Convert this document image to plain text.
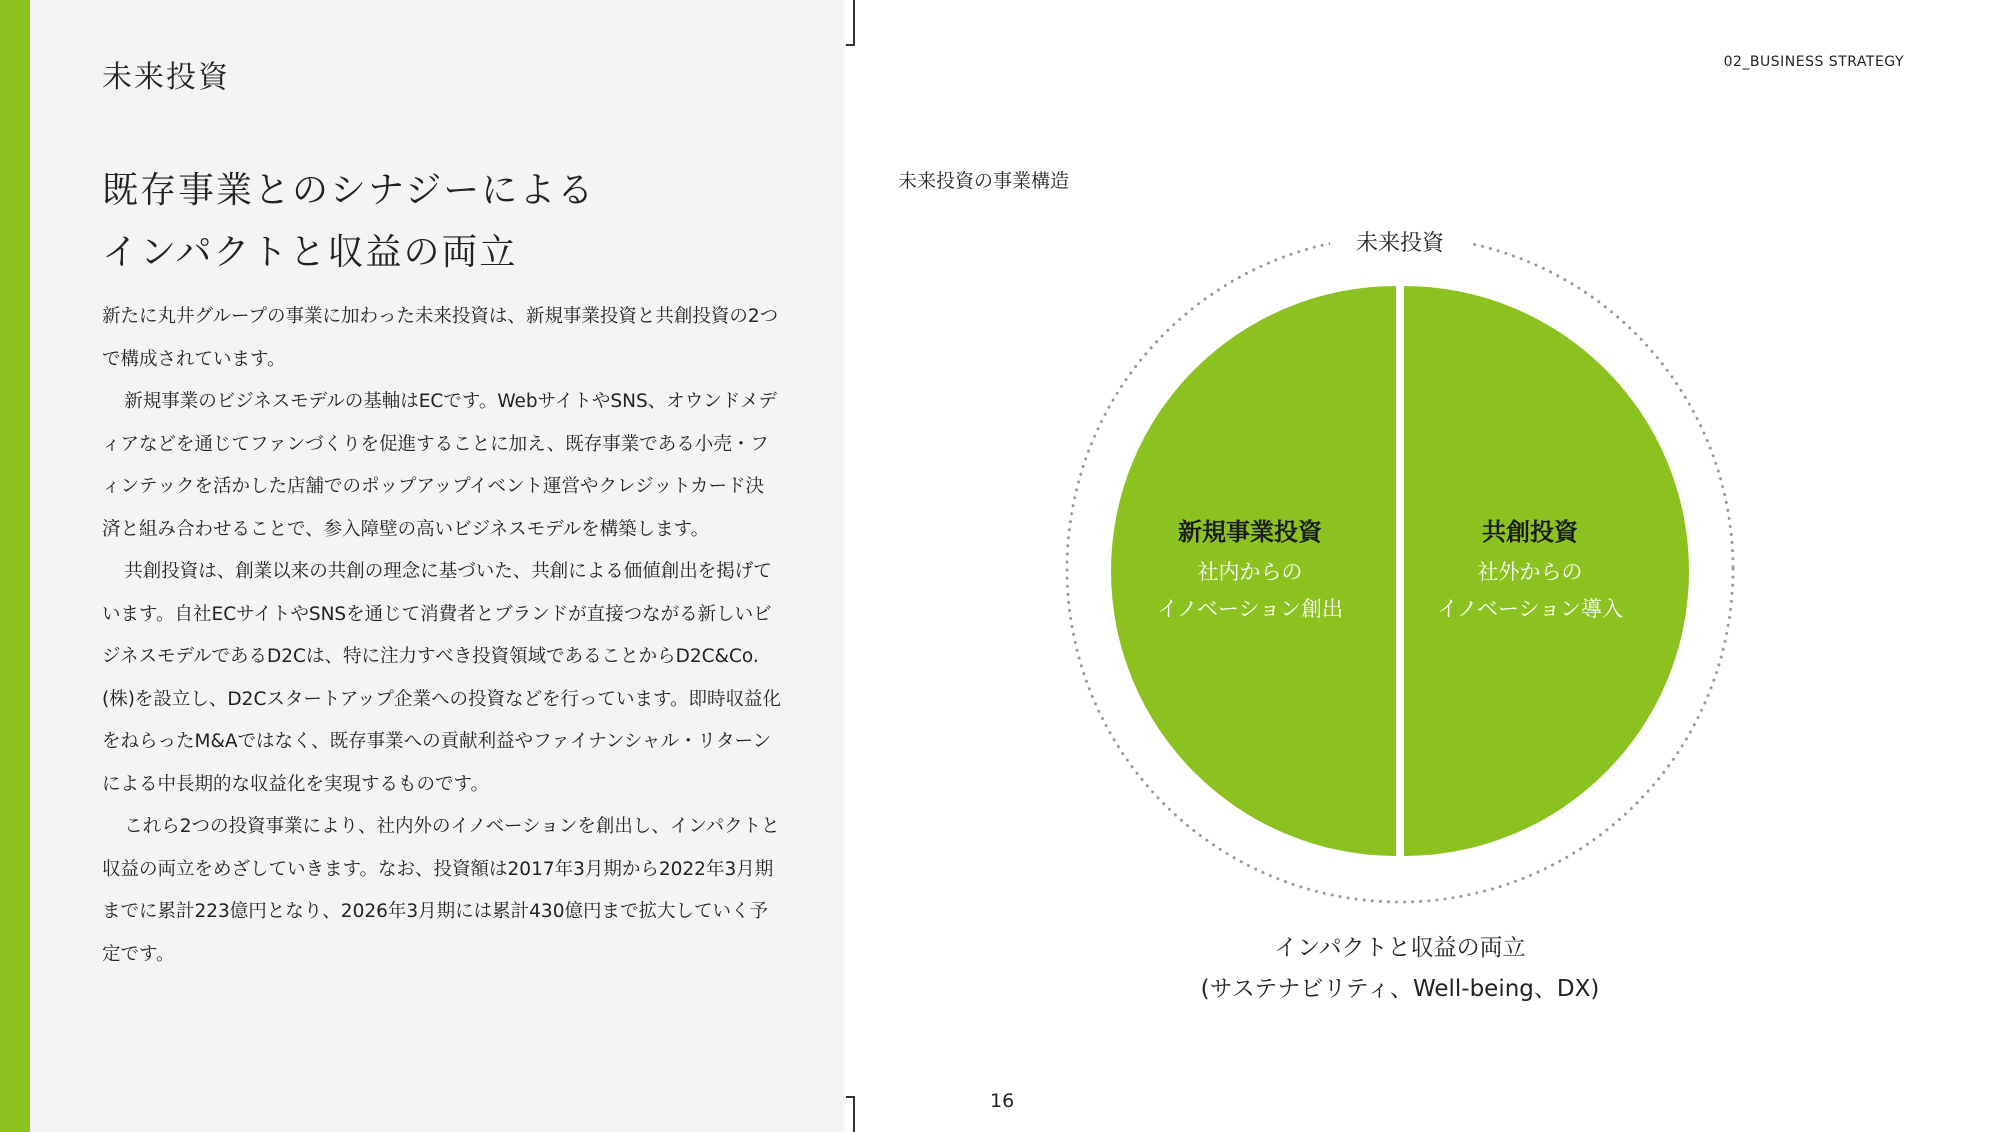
未来投資	02_BUSINESS STRATEGY
既存事業とのシナジーによる
インパクトと収益の両立

新たに丸井グループの事業に加わった未来投資は、新規事業投資と共創投資の2つで構成されています。

新規事業のビジネスモデルの基軸はECです。WebサイトやSNS、オウンドメディアなどを通じてファンづくりを促進することに加え、既存事業である小売・フィンテックを活かした店舗でのポップアップイベント運営やクレジットカード決済と組み合わせることで、参入障壁の高いビジネスモデルを構築します。

共創投資は、創業以来の共創の理念に基づいた、共創による価値創出を掲げています。自社ECサイトやSNSを通じて消費者とブランドが直接つながる新しいビジネスモデルであるD2Cは、特に注力すべき投資領域であることからD2C&Co.(株)を設立し、D2Cスタートアップ企業への投資などを行っています。即時収益化をねらったM&Aではなく、既存事業への貢献利益やファイナンシャル・リターンによる中長期的な収益化を実現するものです。

これら2つの投資事業により、社内外のイノベーションを創出し、インパクトと収益の両立をめざしていきます。なお、投資額は2017年3月期から2022年3月期までに累計223億円となり、2026年3月期には累計430億円まで拡大していく予定です。

未来投資の事業構造
未来投資
新規事業投資
社内からの
イノベーション創出
共創投資
社外からの
イノベーション導入
インパクトと収益の両立
(サステナビリティ、Well-being、DX)
16
